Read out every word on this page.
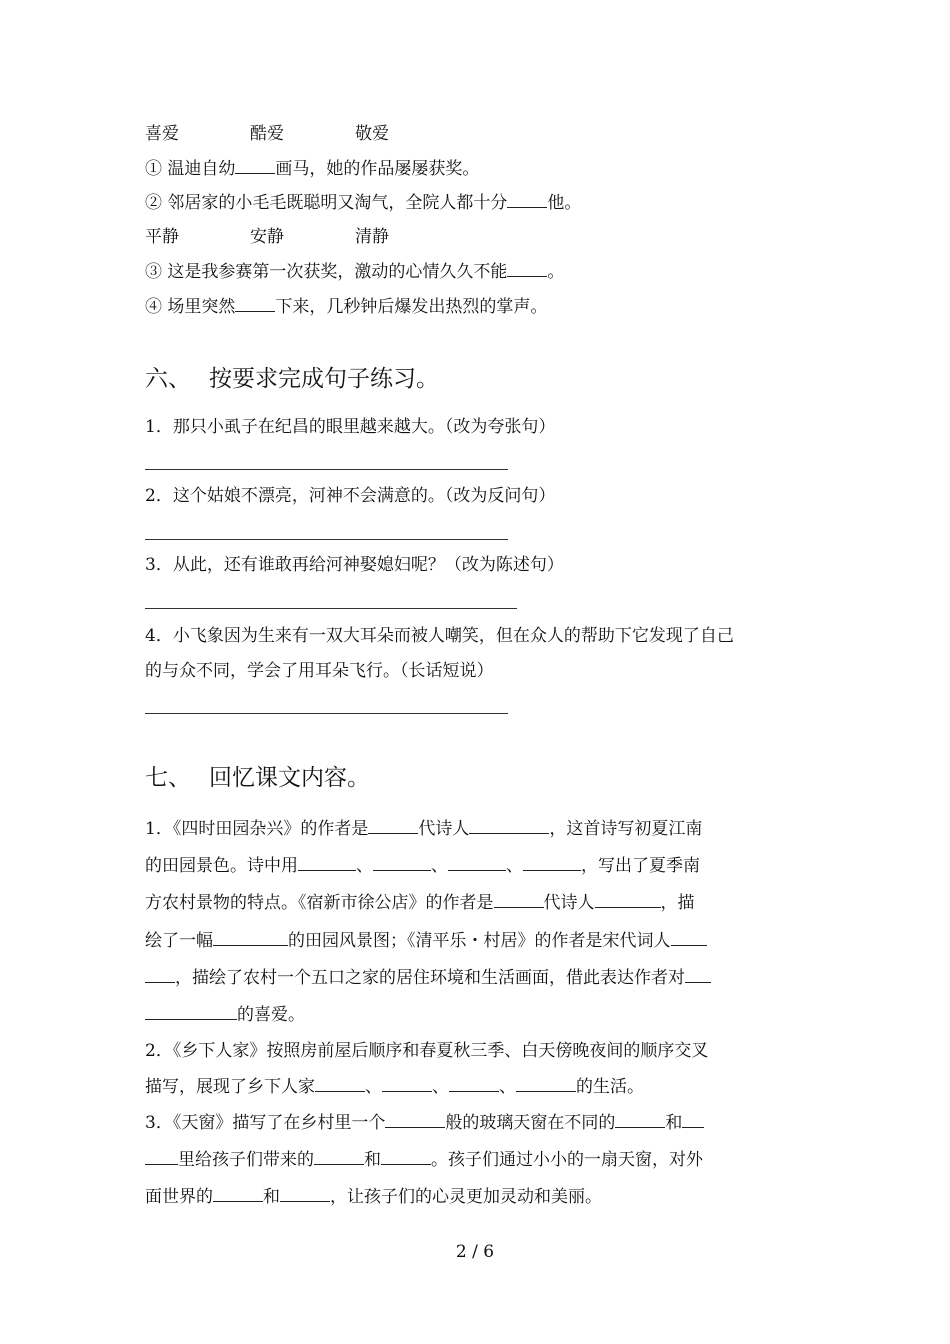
喜爱	酷爱	敬爱
① 温迪自幼 画马，她的作品屡屡获奖。
② 邻居家的小毛毛既聪明又淘气，全院人都十分 他。
平静	安静	清静
③ 这是我参赛第一次获奖，激动的心情久久不能 。
④ 场里突然 下来，几秒钟后爆发出热烈的掌声。
六、 按要求完成句子练习。
1．那只小虱子在纪昌的眼里越来越大。（改为夸张句）
2．这个姑娘不漂亮，河神不会满意的。（改为反问句）
3．从此，还有谁敢再给河神娶媳妇呢？（改为陈述句）
4．小飞象因为生来有一双大耳朵而被人嘲笑，但在众人的帮助下它发现了自己
的与众不同，学会了用耳朵飞行。（长话短说）
七、 回忆课文内容。
1．《四时田园杂兴》的作者是	代诗人	，这首诗写初夏江南
的田园景色。诗中用	、	、	、	，写出了夏季南
方农村景物的特点。《宿新市徐公店》的作者是	代诗人	，描
绘了一幅	的田园风景图；《清平乐・村居》的作者是宋代词人
，描绘了农村一个五口之家的居住环境和生活画面，借此表达作者对
的喜爱。
2．《乡下人家》按照房前屋后顺序和春夏秋三季、白天傍晚夜间的顺序交叉
描写，展现了乡下人家	、	、	、	的生活。
3．《天窗》描写了在乡村里一个	般的玻璃天窗在不同的	和
里给孩子们带来的	和	。孩子们通过小小的一扇天窗，对外
面世界的	和	，让孩子们的心灵更加灵动和美丽。
2 / 6
